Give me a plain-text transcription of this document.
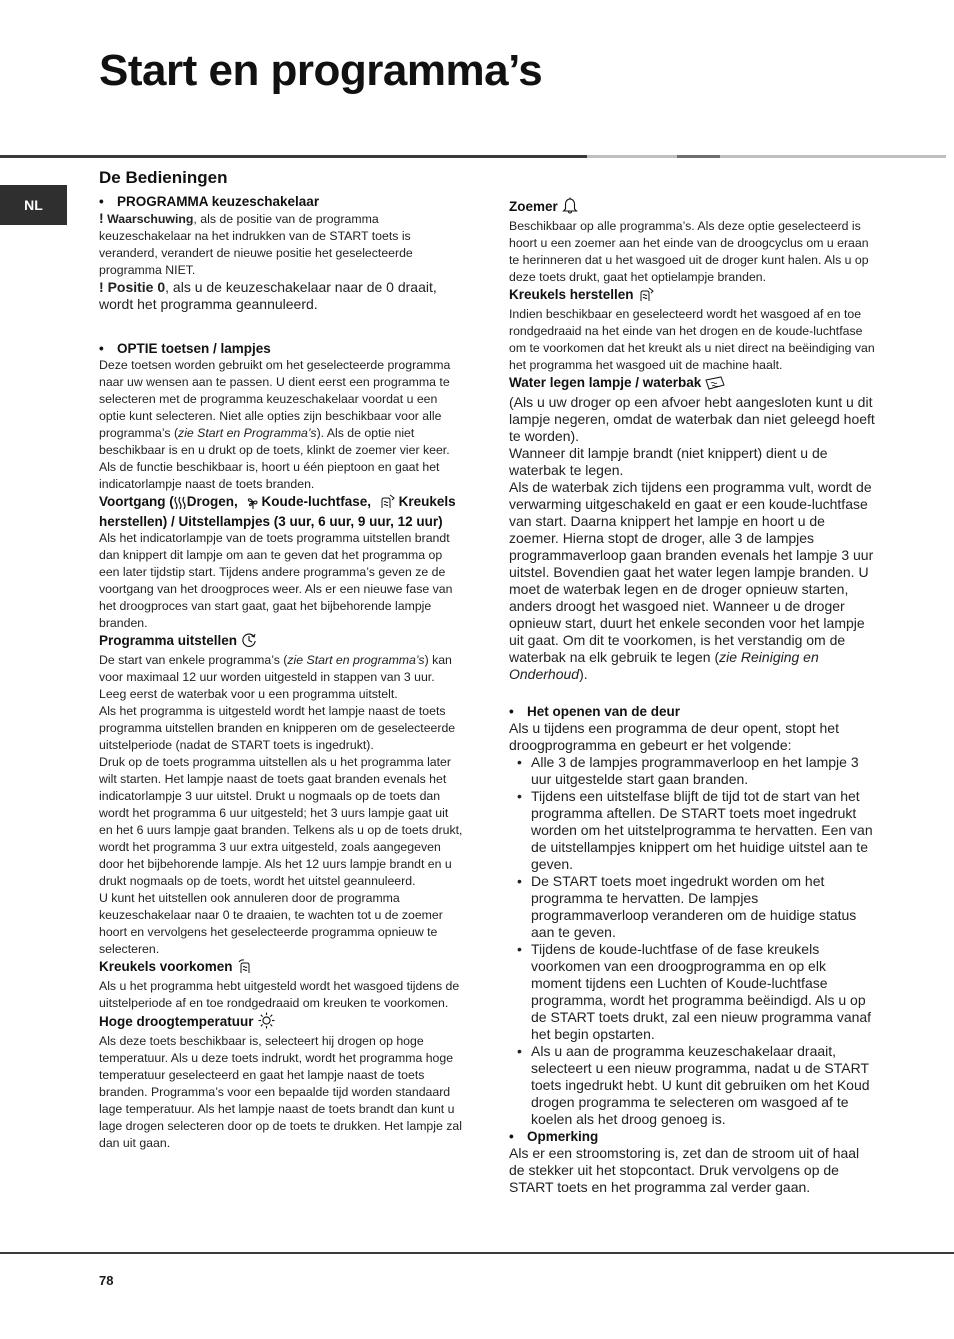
Start en programma’s
NL
De Bedieningen

• PROGRAMMA keuzeschakelaar

! Waarschuwing, als de positie van de programma keuzeschakelaar na het indrukken van de START toets is veranderd, verandert de nieuwe positie het geselecteerde programma NIET.

! Positie 0, als u de keuzeschakelaar naar de 0 draait, wordt het programma geannuleerd.

• OPTIE toetsen / lampjes

Deze toetsen worden gebruikt om het geselecteerde programma naar uw wensen aan te passen. U dient eerst een programma te selecteren met de programma keuzeschakelaar voordat u een optie kunt selecteren. Niet alle opties zijn beschikbaar voor alle programma’s (zie Start en Programma’s). Als de optie niet beschikbaar is en u drukt op de toets, klinkt de zoemer vier keer. Als de functie beschikbaar is, hoort u één pieptoon en gaat het indicatorlampje naast de toets branden.

Voortgang ( Drogen, Koude-luchtfase, Kreukels herstellen) / Uitstellampjes (3 uur, 6 uur, 9 uur, 12 uur)

Als het indicatorlampje van de toets programma uitstellen brandt dan knippert dit lampje om aan te geven dat het programma op een later tijdstip start. Tijdens andere programma’s geven ze de voortgang van het droogproces weer. Als er een nieuwe fase van het droogproces van start gaat, gaat het bijbehorende lampje branden.

Programma uitstellen

De start van enkele programma’s (zie Start en programma’s) kan voor maximaal 12 uur worden uitgesteld in stappen van 3 uur. Leeg eerst de waterbak voor u een programma uitstelt.

Als het programma is uitgesteld wordt het lampje naast de toets programma uitstellen branden en knipperen om de geselecteerde uitstelperiode (nadat de START toets is ingedrukt).

Druk op de toets programma uitstellen als u het programma later wilt starten. Het lampje naast de toets gaat branden evenals het indicatorlampje 3 uur uitstel. Drukt u nogmaals op de toets dan wordt het programma 6 uur uitgesteld; het 3 uurs lampje gaat uit en het 6 uurs lampje gaat branden. Telkens als u op de toets drukt, wordt het programma 3 uur extra uitgesteld, zoals aangegeven door het bijbehorende lampje. Als het 12 uurs lampje brandt en u drukt nogmaals op de toets, wordt het uitstel geannuleerd.

U kunt het uitstellen ook annuleren door de programma keuzeschakelaar naar 0 te draaien, te wachten tot u de zoemer hoort en vervolgens het geselecteerde programma opnieuw te selecteren.

Kreukels voorkomen

Als u het programma hebt uitgesteld wordt het wasgoed tijdens de uitstelperiode af en toe rondgedraaid om kreuken te voorkomen.

Hoge droogtemperatuur

Als deze toets beschikbaar is, selecteert hij drogen op hoge temperatuur. Als u deze toets indrukt, wordt het programma hoge temperatuur geselecteerd en gaat het lampje naast de toets branden. Programma’s voor een bepaalde tijd worden standaard lage temperatuur. Als het lampje naast de toets brandt dan kunt u lage drogen selecteren door op de toets te drukken. Het lampje zal dan uit gaan.

Zoemer

Beschikbaar op alle programma’s. Als deze optie geselecteerd is hoort u een zoemer aan het einde van de droogcyclus om u eraan te herinneren dat u het wasgoed uit de droger kunt halen. Als u op deze toets drukt, gaat het optielampje branden.

Kreukels herstellen

Indien beschikbaar en geselecteerd wordt het wasgoed af en toe rondgedraaid na het einde van het drogen en de koude-luchtfase om te voorkomen dat het kreukt als u niet direct na beëindiging van het programma het wasgoed uit de machine haalt.

Water legen lampje / waterbak

(Als u uw droger op een afvoer hebt aangesloten kunt u dit lampje negeren, omdat de waterbak dan niet geleegd hoeft te worden).

Wanneer dit lampje brandt (niet knippert) dient u de waterbak te legen.

Als de waterbak zich tijdens een programma vult, wordt de verwarming uitgeschakeld en gaat er een koude-luchtfase van start. Daarna knippert het lampje en hoort u de zoemer. Hierna stopt de droger, alle 3 de lampjes programmaverloop gaan branden evenals het lampje 3 uur uitstel. Bovendien gaat het water legen lampje branden. U moet de waterbak legen en de droger opnieuw starten, anders droogt het wasgoed niet. Wanneer u de droger opnieuw start, duurt het enkele seconden voor het lampje uit gaat. Om dit te voorkomen, is het verstandig om de waterbak na elk gebruik te legen (zie Reiniging en Onderhoud).

• Het openen van de deur

Als u tijdens een programma de deur opent, stopt het droogprogramma en gebeurt er het volgende:

• Alle 3 de lampjes programmaverloop en het lampje 3 uur uitgestelde start gaan branden.
• Tijdens een uitstelfase blijft de tijd tot de start van het programma aftellen. De START toets moet ingedrukt worden om het uitstelprogramma te hervatten. Een van de uitstellampjes knippert om het huidige uitstel aan te geven.
• De START toets moet ingedrukt worden om het programma te hervatten. De lampjes programmaverloop veranderen om de huidige status aan te geven.
• Tijdens de koude-luchtfase of de fase kreukels voorkomen van een droogprogramma en op elk moment tijdens een Luchten of Koude-luchtfase programma, wordt het programma beëindigd. Als u op de START toets drukt, zal een nieuw programma vanaf het begin opstarten.
• Als u aan de programma keuzeschakelaar draait, selecteert u een nieuw programma, nadat u de START toets ingedrukt hebt. U kunt dit gebruiken om het Koud drogen programma te selecteren om wasgoed af te koelen als het droog genoeg is.

• Opmerking

Als er een stroomstoring is, zet dan de stroom uit of haal de stekker uit het stopcontact. Druk vervolgens op de START toets en het programma zal verder gaan.

78
